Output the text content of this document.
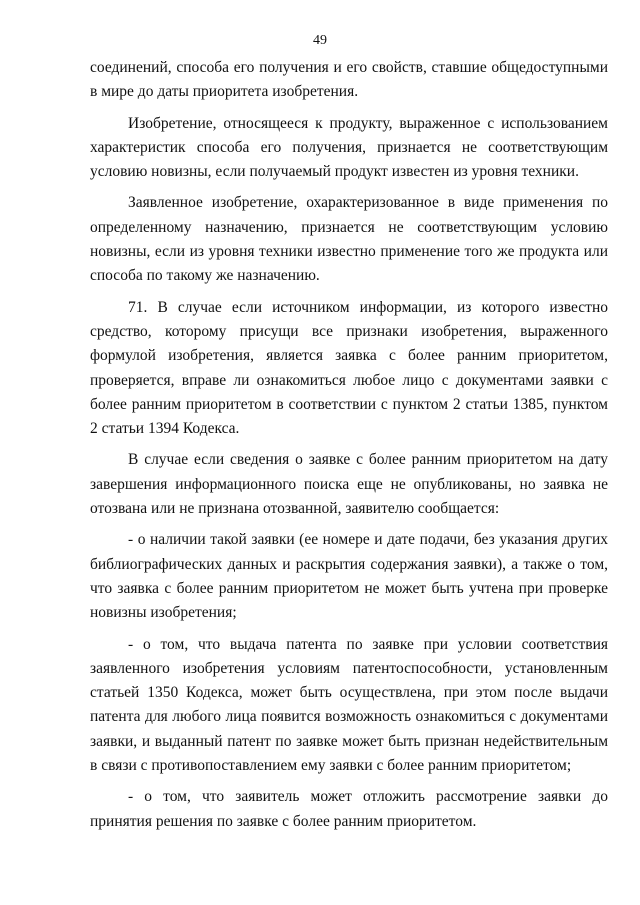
49

соединений, способа его получения и его свойств, ставшие общедоступными в мире до даты приоритета изобретения.

Изобретение, относящееся к продукту, выраженное с использованием характеристик способа его получения, признается не соответствующим условию новизны, если получаемый продукт известен из уровня техники.

Заявленное изобретение, охарактеризованное в виде применения по определенному назначению, признается не соответствующим условию новизны, если из уровня техники известно применение того же продукта или способа по такому же назначению.

71. В случае если источником информации, из которого известно средство, которому присущи все признаки изобретения, выраженного формулой изобретения, является заявка с более ранним приоритетом, проверяется, вправе ли ознакомиться любое лицо с документами заявки с более ранним приоритетом в соответствии с пунктом 2 статьи 1385, пунктом 2 статьи 1394 Кодекса.

В случае если сведения о заявке с более ранним приоритетом на дату завершения информационного поиска еще не опубликованы, но заявка не отозвана или не признана отозванной, заявителю сообщается:

- о наличии такой заявки (ее номере и дате подачи, без указания других библиографических данных и раскрытия содержания заявки), а также о том, что заявка с более ранним приоритетом не может быть учтена при проверке новизны изобретения;

- о том, что выдача патента по заявке при условии соответствия заявленного изобретения условиям патентоспособности, установленным статьей 1350 Кодекса, может быть осуществлена, при этом после выдачи патента для любого лица появится возможность ознакомиться с документами заявки, и выданный патент по заявке может быть признан недействительным в связи с противопоставлением ему заявки с более ранним приоритетом;

- о том, что заявитель может отложить рассмотрение заявки до принятия решения по заявке с более ранним приоритетом.
